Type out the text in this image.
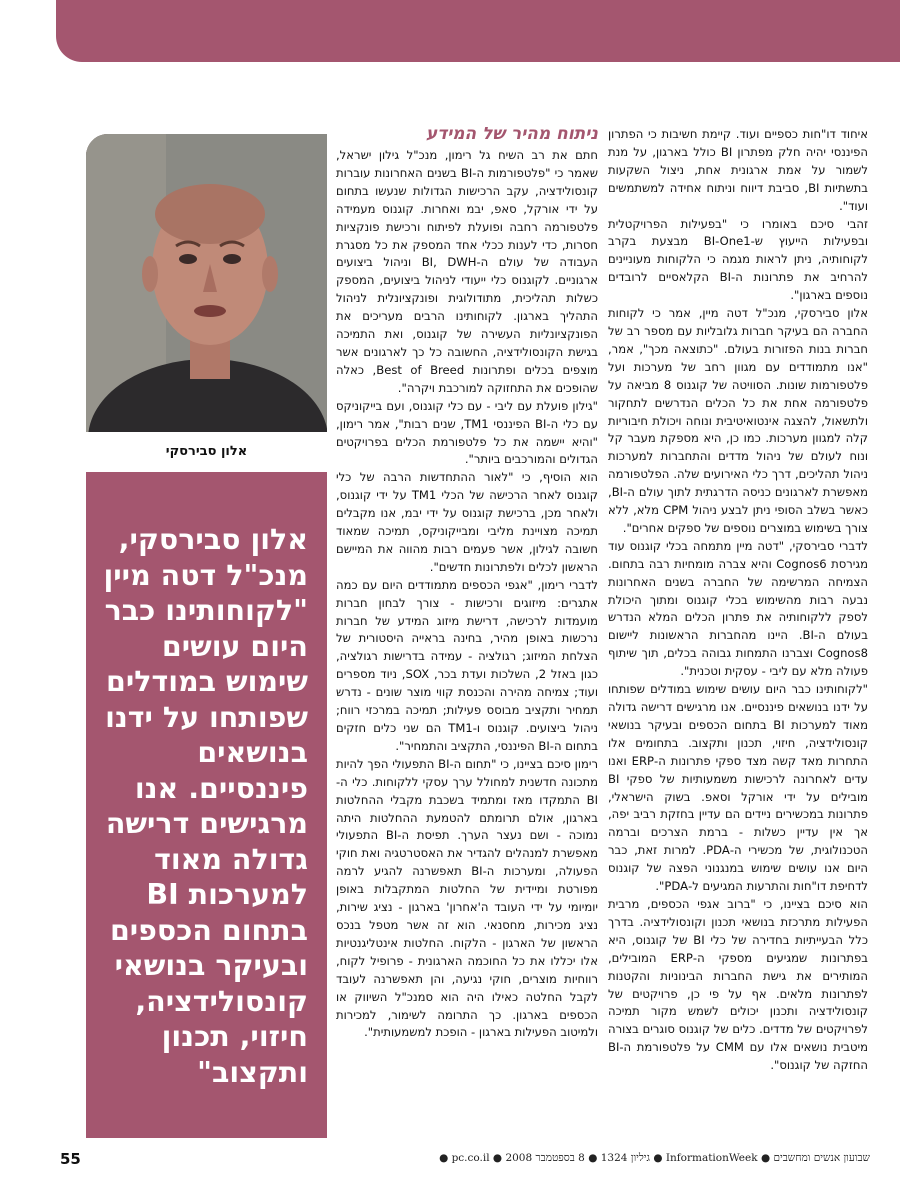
איחוד דו"חות כספיים ועוד. קיימת חשיבות כי הפתרון הפיננסי יהיה חלק מפתרון BI כולל בארגון, על מנת לשמור על אמת ארגונית אחת, ניצול השקעות בתשתיות BI, סביבת דיווח וניתוח אחידה למשתמשים ועוד".

זהבי סיכם באומרו כי "בפעילות הפרויקטלית ובפעילות הייעוץ ש-BI-One1 מבצעת בקרב לקוחותיה, ניתן לראות מגמה כי הלקוחות מעוניינים להרחיב את פתרונות ה-BI הקלאסיים לרובדים נוספים בארגון".

אלון סבירסקי, מנכ"ל דטה מיין, אמר כי לקוחות החברה הם בעיקר חברות גלובליות עם מספר רב של חברות בנות הפזורות בעולם. "כתוצאה מכך", אמר, "אנו מתמודדים עם מגוון רחב של מערכות ועל פלטפורמות שונות. הסוויטה של קוגנוס 8 מביאה על פלטפורמה אחת את כל הכלים הנדרשים לתחקור ולתשאול, להצגה אינטואיטיבית ונוחה ויכולת חיבוריות קלה למגוון מערכות. כמו כן, היא מספקת מעבר קל ונוח לעולם של ניהול מדדים והתחברות למערכות ניהול תהליכים, דרך כלי האירועים שלה. הפלטפורמה מאפשרת לארגונים כניסה הדרגתית לתוך עולם ה-BI, כאשר בשלב הסופי ניתן לבצע ניהול CPM מלא, ללא צורך בשימוש במוצרים נוספים של ספקים אחרים".

לדברי סבירסקי, "דטה מיין מתמחה בכלי קוגנוס עוד מגירסת Cognos6 והיא צברה מומחיות רבה בתחום. הצמיחה המרשימה של החברה בשנים האחרונות נבעה רבות מהשימוש בכלי קוגנוס ומתוך היכולת לספק ללקוחותיה את פתרון הכלים המלא הנדרש בעולם ה-BI. היינו מהחברות הראשונות ליישום Cognos8 וצברנו התמחות גבוהה בכלים, תוך שיתוף פעולה מלא עם ליבי - עסקית וטכנית".

"לקוחותינו כבר היום עושים שימוש במודלים שפותחו על ידנו בנושאים פיננסיים. אנו מרגישים דרישה גדולה מאוד למערכות BI בתחום הכספים ובעיקר בנושאי קונסולידציה, חיזוי, תכנון ותקצוב. בתחומים אלו התחרות מאד קשה מצד ספקי פתרונות ה-ERP ואנו עדים לאחרונה לרכישות משמעותיות של ספקי BI מובילים על ידי אורקל וסאפ. בשוק הישראלי, פתרונות במכשירים ניידים הם עדיין בחזקת רביב יפה, אך אין עדיין כשלות - ברמת הצרכים וברמה הטכנולוגית, של מכשירי ה-PDA. למרות זאת, כבר היום אנו עושים שימוש במנגנוני הפצה של קוגנוס לדחיפת דו"חות והתרעות המגיעים ל-PDA".

הוא סיכם בציינו, כי "ברוב אגפי הכספים, מרבית הפעילות מתרכזת בנושאי תכנון וקונסולידציה. בדרך כלל הבעייתיות בחדירה של כלי BI של קוגנוס, היא בפתרונות שמגיעים מספקי ה-ERP המובילים, המותירים את גישת החברות הבינוניות והקטנות לפתרונות מלאים. אף על פי כן, פרויקטים של קונסולידציה ותכנון יכולים לשמש מקור תמיכה לפרויקטים של מדדים. כלים של קוגנוס סוגרים בצורה מיטבית נושאים אלו עם CMM על פלטפורמת ה-BI החזקה של קוגנוס".

ניתוח מהיר של המידע

חתם את רב השיח גל רימון, מנכ"ל גילון ישראל, שאמר כי "פלטפורמות ה-BI בשנים האחרונות עוברות קונסולידציה, עקב הרכישות הגדולות שנעשו בתחום על ידי אורקל, סאפ, יבמ ואחרות. קוגנוס מעמידה פלטפורמה רחבה ופועלת לפיתוח ורכישת פונקציות חסרות, כדי לענות ככלי אחד המספק את כל מסגרת העבודה של עולם ה-BI, DWH וניהול ביצועים ארגוניים. לקוגנוס כלי ייעודי לניהול ביצועים, המספק כשלות תהליכית, מתודולוגית ופונקציונלית לניהול התהליך בארגון. לקוחותינו הרבים מעריכים את הפונקציונליות העשירה של קוגנוס, ואת התמיכה בגישת הקונסולידציה, החשובה כל כך לארגונים אשר מוצפים בכלים ופתרונות Best of Breed, כאלה שהופכים את התחזוקה למורכבת ויקרה".

"גילון פועלת עם ליבי - עם כלי קוגנוס, ועם בייקוניקס עם כלי ה-BI הפיננסי TM1, שנים רבות", אמר רימון, "והיא יישמה את כל פלטפורמת הכלים בפרויקטים הגדולים והמורכבים ביותר".

הוא הוסיף, כי "לאור ההתחדשות הרבה של כלי קוגנוס לאחר הרכישה של הכלי TM1 על ידי קוגנוס, ולאחר מכן, ברכישת קוגנוס על ידי יבמ, אנו מקבלים תמיכה מצויינת מליבי ומבייקוניקס, תמיכה שמאוד חשובה לגילון, אשר פעמים רבות מהווה את המיישם הראשון לכלים ולפתרונות חדשים".

לדברי רימון, "אגפי הכספים מתמודדים היום עם כמה אתגרים: מיזוגים ורכישות - צורך לבחון חברות מועמדות לרכישה, דרישת מיזוג המידע של חברות נרכשות באופן מהיר, בחינה בראייה היסטורית של הצלחת המיזוג; רגולציה - עמידה בדרישות רגולציה, כגון באזל 2, השלכות ועדת בכר, SOX, ניוד מספרים ועוד; צמיחה מהירה והכנסת קווי מוצר שונים - נדרש תמחיר ותקציב מבוסס פעילות; תמיכה במרכזי רווח; ניהול ביצועים. קוגנוס ו-TM1 הם שני כלים חזקים בתחום ה-BI הפיננסי, התקציב והתמחיר".

רימון סיכם בציינו, כי "תחום ה-BI התפעולי הפך להיות מתכונה חדשנית למחולל ערך עסקי ללקוחות. כלי ה-BI התמקדו מאז ומתמיד בשכבת מקבלי ההחלטות בארגון, אולם תרומתם להטמעת ההחלטות היתה נמוכה - ושם נעצר הערך. תפיסת ה-BI התפעולי מאפשרת למנהלים להגדיר את האסטרטגיה ואת חוקי הפעולה, ומערכות ה-BI תאפשרנה להגיע לרמה מפורטת ומיידית של החלטות המתקבלות באופן יומיומי על ידי העובד ה'אחרון' בארגון - נציג שירות, נציג מכירות, מחסנאי. הוא זה אשר מטפל בנכס הראשון של הארגון - הלקוח. החלטות אינטליגנטיות אלו יכללו את כל החוכמה הארגונית - פרופיל לקוח, רווחיות מוצרים, חוקי נגיעה, והן תאפשרנה לעובד לקבל החלטה כאילו היה הוא סמנכ"ל השיווק או הכספים בארגון. כך התרומה לשימור, למכירות ולמיטוב הפעילות בארגון - הופכת למשמעותית".

אלון סבירסקי
אלון סבירסקי, מנכ"ל דטה מיין "לקוחותינו כבר היום עושים שימוש במודלים שפותחו על ידנו בנושאים פיננסיים. אנו מרגישים דרישה גדולה מאוד למערכות BI בתחום הכספים ובעיקר בנושאי קונסולידציה, חיזוי, תכנון ותקצוב"
שבועון אנשים ומחשבים ● InformationWeek ● גיליון 1324 ● 8 בספטמבר 2008 ● pc.co.il ●
55
